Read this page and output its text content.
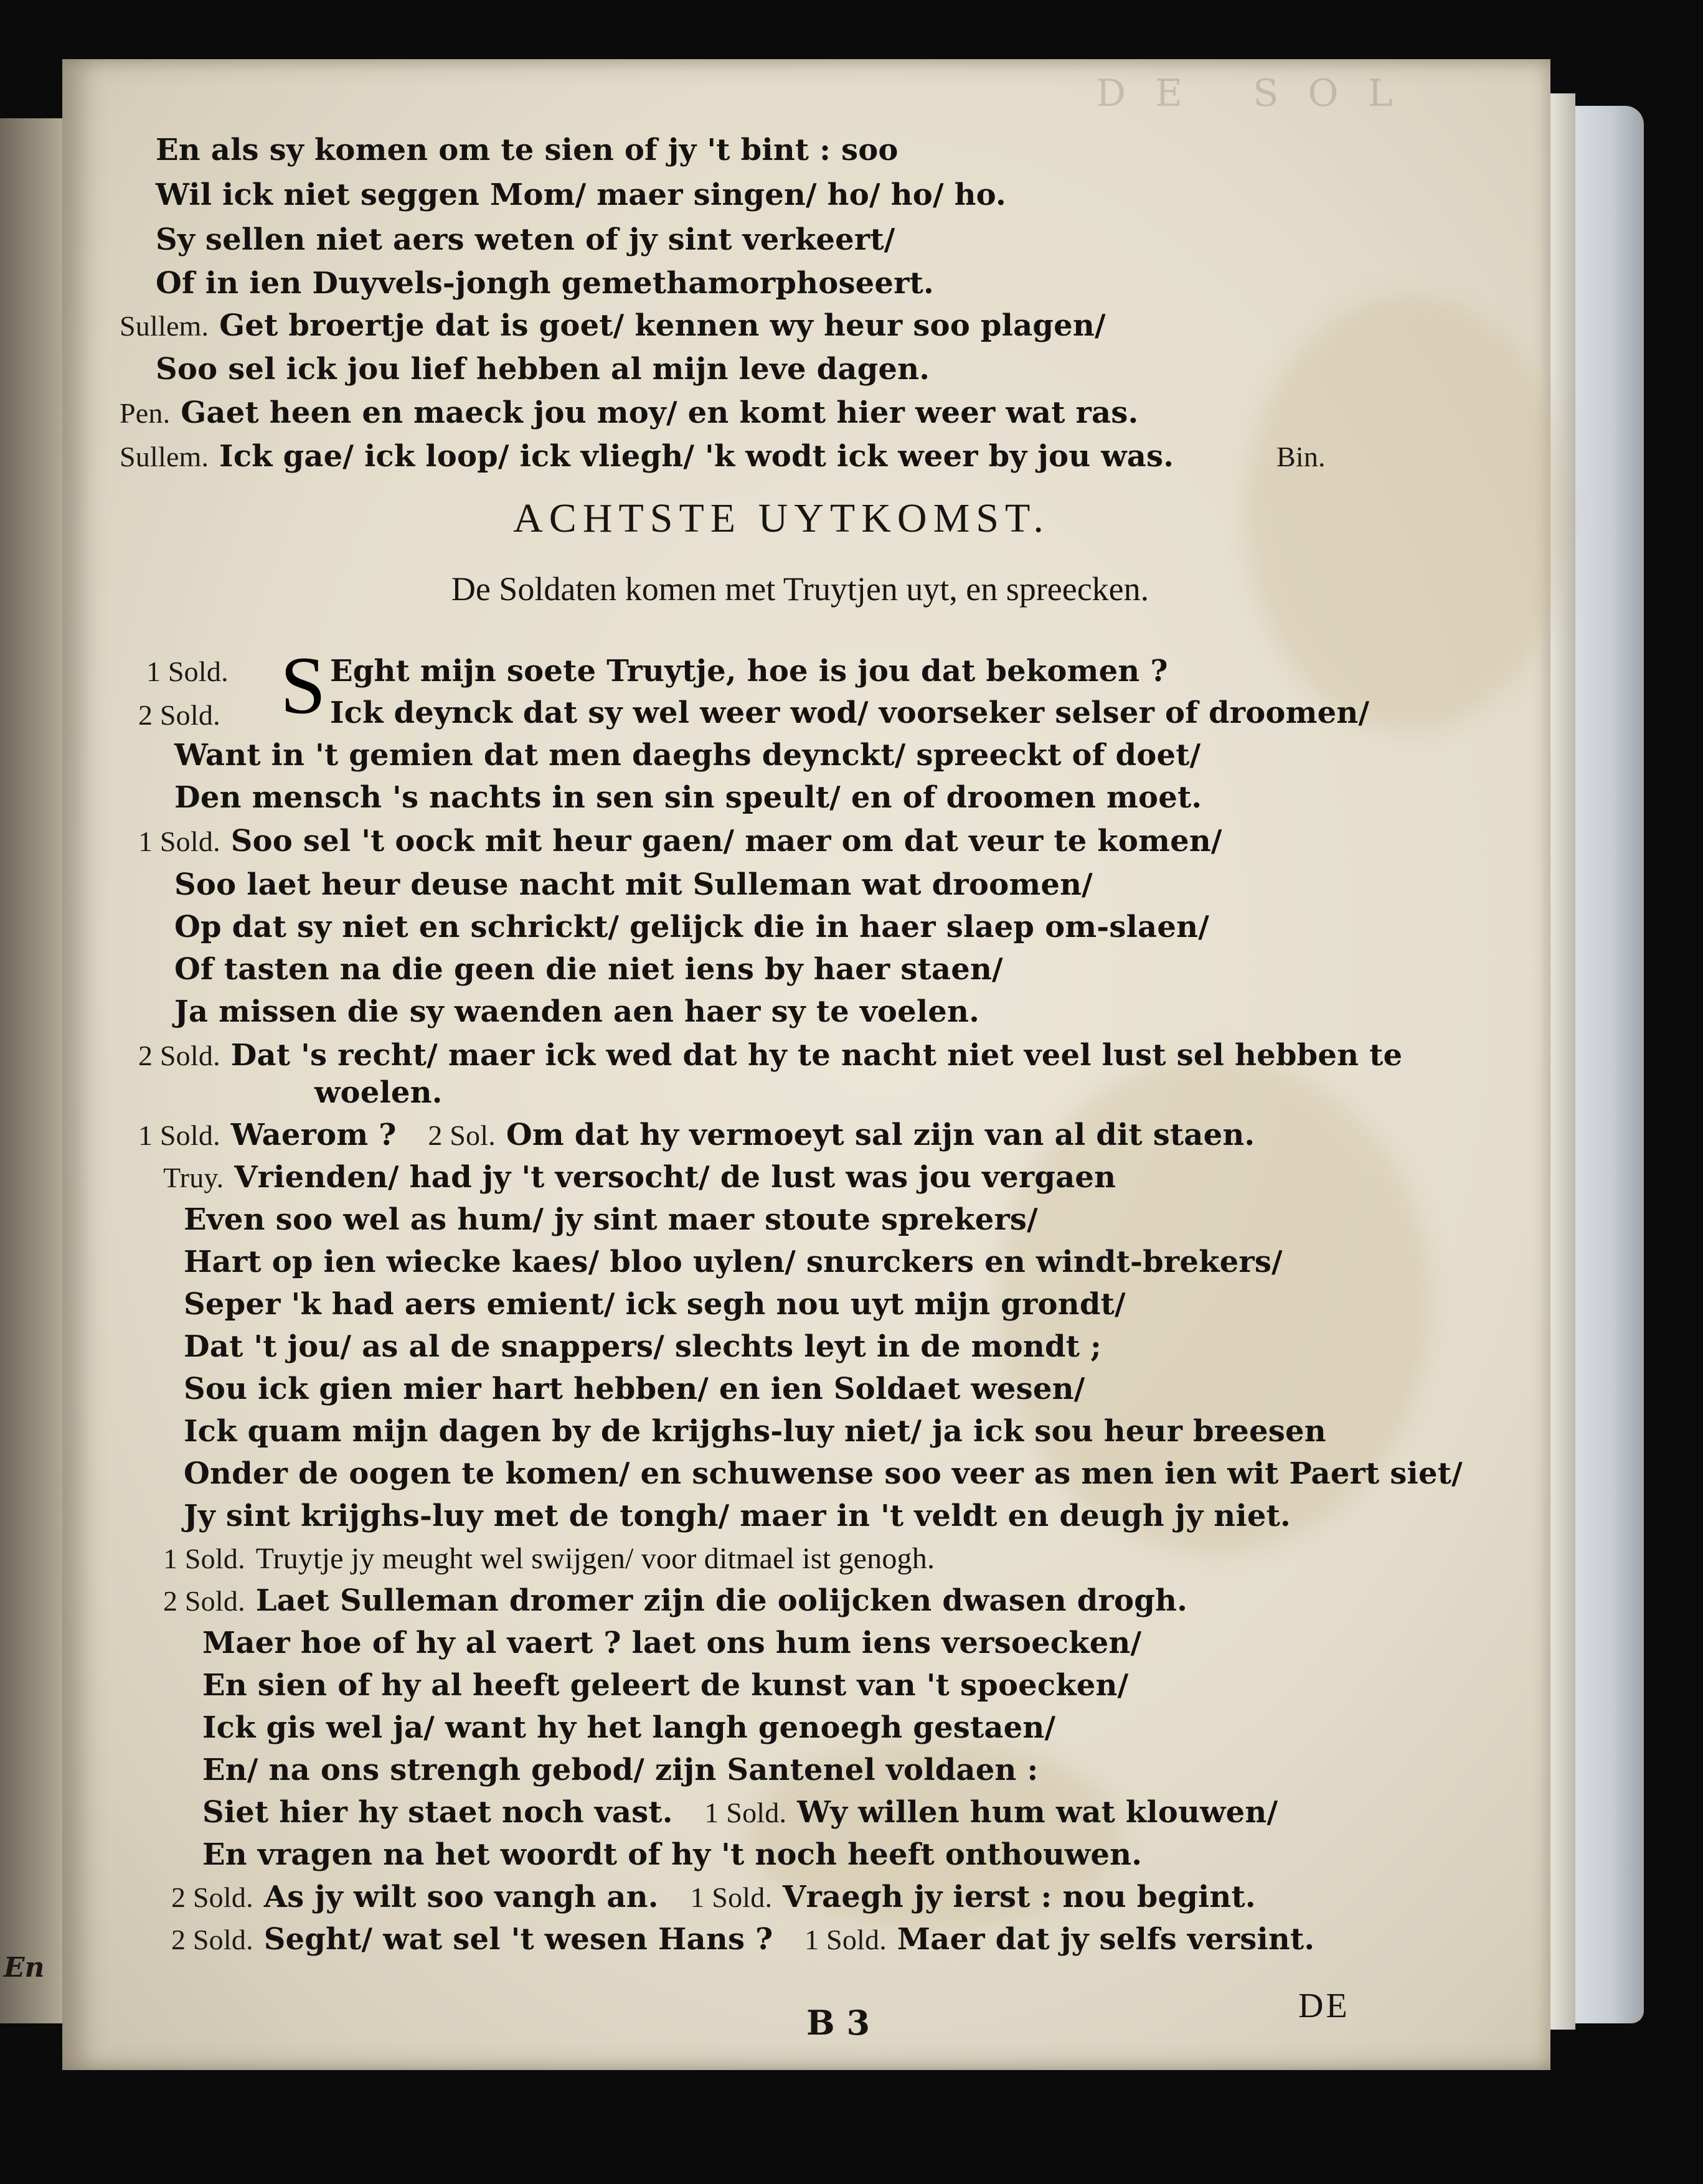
En
D E   S O L
En als sy komen om te sien of jy 't bint : soo
Wil ick niet seggen Mom/ maer singen/ ho/ ho/ ho.
Sy sellen niet aers weten of jy sint verkeert/
Of in ien Duyvels-jongh gemethamorphoseert.
Sullem. Get broertje dat is goet/ kennen wy heur soo plagen/
Soo sel ick jou lief hebben al mijn leve dagen.
Pen. Gaet heen en maeck jou moy/ en komt hier weer wat ras.
Sullem. Ick gae/ ick loop/ ick vliegh/ 'k wodt ick weer by jou was.	Bin.
ACHTSTE UYTKOMST.
De Soldaten komen met Truytjen uyt, en spreecken.
1 Sold. S Eght mijn soete Truytje, hoe is jou dat bekomen ?
2 Sold.	Ick deynck dat sy wel weer wod/ voorseker selser of droomen/
Want in 't gemien dat men daeghs deynckt/ spreeckt of doet/
Den mensch 's nachts in sen sin speult/ en of droomen moet.
1 Sold. Soo sel 't oock mit heur gaen/ maer om dat veur te komen/
Soo laet heur deuse nacht mit Sulleman wat droomen/
Op dat sy niet en schrickt/ gelijck die in haer slaep om-slaen/
Of tasten na die geen die niet iens by haer staen/
Ja missen die sy waenden aen haer sy te voelen.
2 Sold. Dat 's recht/ maer ick wed dat hy te nacht niet veel lust sel hebben te
woelen.
1 Sold. Waerom ? 2 Sol. Om dat hy vermoeyt sal zijn van al dit staen.
Truy. Vrienden/ had jy 't versocht/ de lust was jou vergaen
Even soo wel as hum/ jy sint maer stoute sprekers/
Hart op ien wiecke kaes/ bloo uylen/ snurckers en windt-brekers/
Seper 'k had aers emient/ ick segh nou uyt mijn grondt/
Dat 't jou/ as al de snappers/ slechts leyt in de mondt ;
Sou ick gien mier hart hebben/ en ien Soldaet wesen/
Ick quam mijn dagen by de krijghs-luy niet/ ja ick sou heur breesen
Onder de oogen te komen/ en schuwense soo veer as men ien wit Paert siet/
Jy sint krijghs-luy met de tongh/ maer in 't veldt en deugh jy niet.
1 Sold. Truytje jy meught wel swijgen/ voor ditmael ist genogh.
2 Sold. Laet Sulleman dromer zijn die oolijcken dwasen drogh.
Maer hoe of hy al vaert ? laet ons hum iens versoecken/
En sien of hy al heeft geleert de kunst van 't spoecken/
Ick gis wel ja/ want hy het langh genoegh gestaen/
En/ na ons strengh gebod/ zijn Santenel voldaen :
Siet hier hy staet noch vast. 1 Sold. Wy willen hum wat klouwen/
En vragen na het woordt of hy 't noch heeft onthouwen.
2 Sold. As jy wilt soo vangh an. 1 Sold. Vraegh jy ierst : nou begint.
2 Sold. Seght/ wat sel 't wesen Hans ? 1 Sold. Maer dat jy selfs versint.
B 3	DE
